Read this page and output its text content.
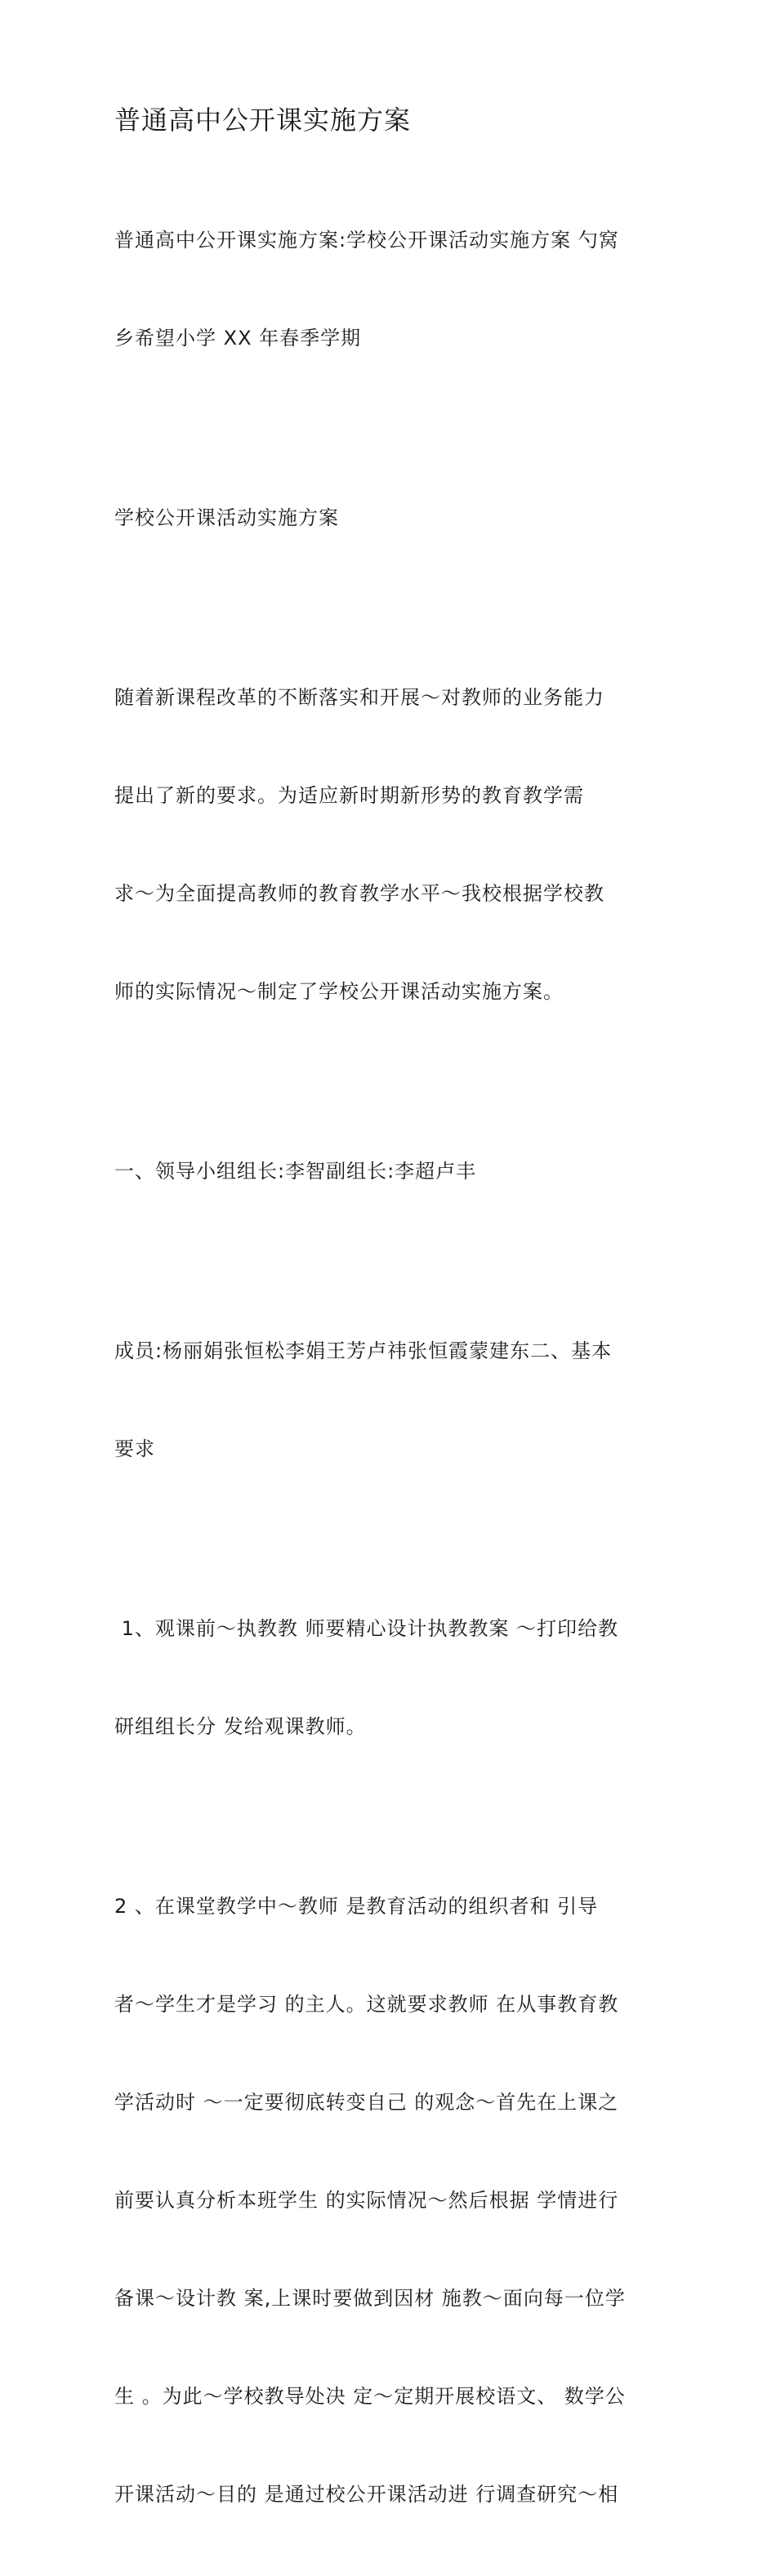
普通高中公开课实施方案

普通高中公开课实施方案:学校公开课活动实施方案 勺窝

乡希望小学 XX 年春季学期

学校公开课活动实施方案

随着新课程改革的不断落实和开展～对教师的业务能力

提出了新的要求。为适应新时期新形势的教育教学需

求～为全面提高教师的教育教学水平～我校根据学校教

师的实际情况～制定了学校公开课活动实施方案。

一、领导小组组长:李智副组长:李超卢丰

成员:杨丽娟张恒松李娟王芳卢祎张恒霞蒙建东二、基本

要求

1、观课前～执教教 师要精心设计执教教案 ～打印给教

研组组长分 发给观课教师。

2 、在课堂教学中～教师 是教育活动的组织者和 引导

者～学生才是学习 的主人。这就要求教师 在从事教育教

学活动时 ～一定要彻底转变自己 的观念～首先在上课之

前要认真分析本班学生 的实际情况～然后根据 学情进行

备课～设计教 案,上课时要做到因材 施教～面向每一位学

生 。为此～学校教导处决 定～定期开展校语文、 数学公

开课活动～目的 是通过校公开课活动进 行调查研究～相
